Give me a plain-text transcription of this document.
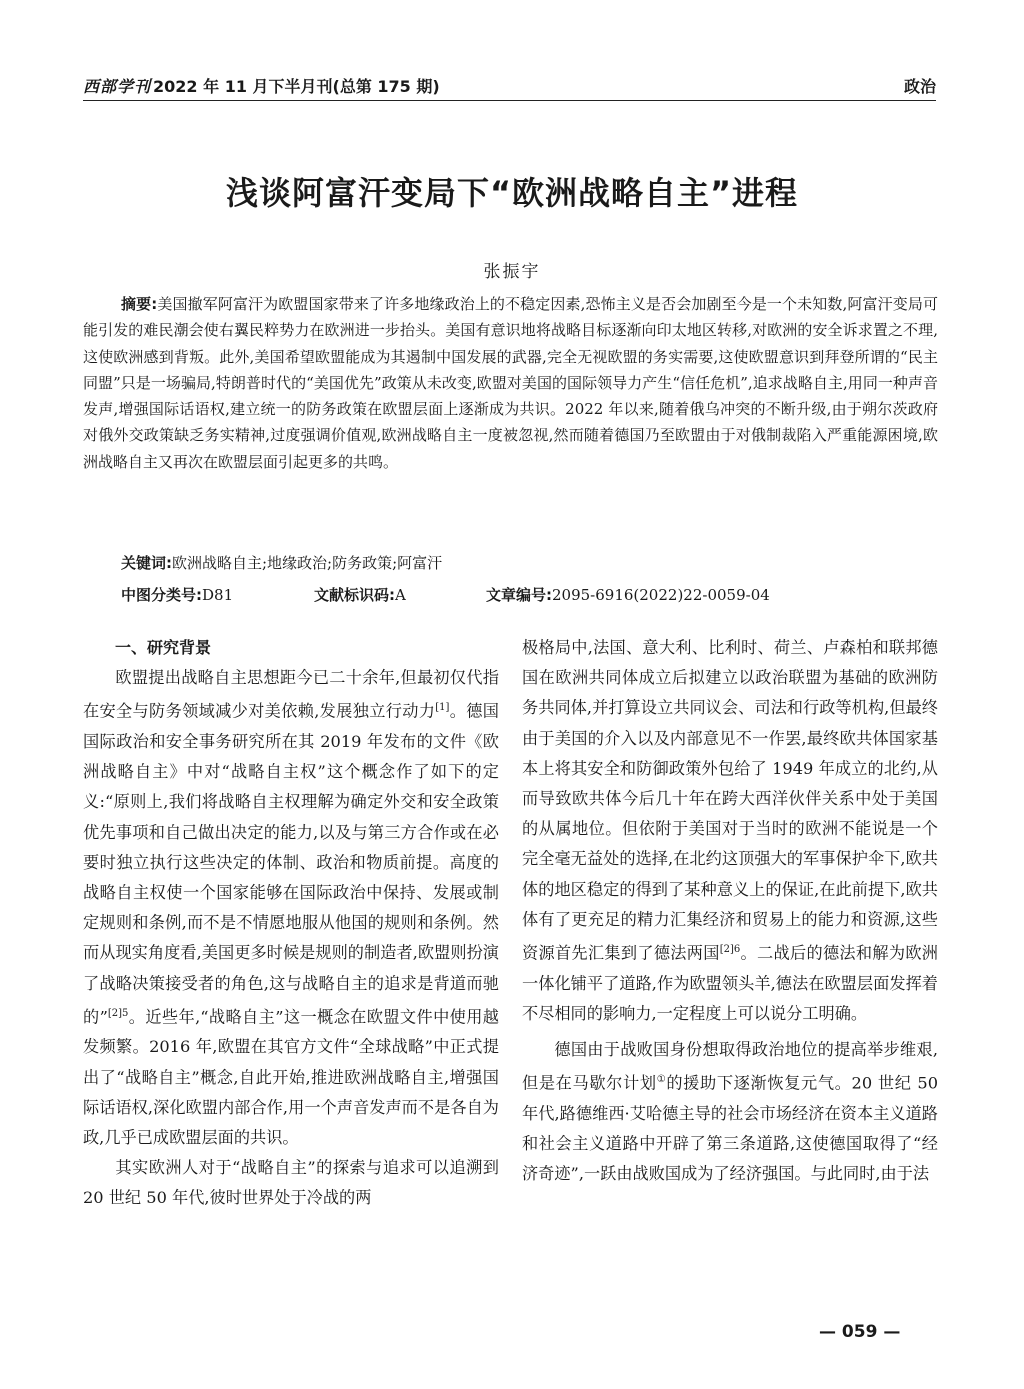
西部学刊 2022 年 11 月下半月刊(总第 175 期)	政治
浅谈阿富汗变局下“欧洲战略自主”进程
张振宇
摘要:美国撤军阿富汗为欧盟国家带来了许多地缘政治上的不稳定因素,恐怖主义是否会加剧至今是一个未知数,阿富汗变局可能引发的难民潮会使右翼民粹势力在欧洲进一步抬头。美国有意识地将战略目标逐渐向印太地区转移,对欧洲的安全诉求置之不理,这使欧洲感到背叛。此外,美国希望欧盟能成为其遏制中国发展的武器,完全无视欧盟的务实需要,这使欧盟意识到拜登所谓的“民主同盟”只是一场骗局,特朗普时代的“美国优先”政策从未改变,欧盟对美国的国际领导力产生“信任危机”,追求战略自主,用同一种声音发声,增强国际话语权,建立统一的防务政策在欧盟层面上逐渐成为共识。2022 年以来,随着俄乌冲突的不断升级,由于朔尔茨政府对俄外交政策缺乏务实精神,过度强调价值观,欧洲战略自主一度被忽视,然而随着德国乃至欧盟由于对俄制裁陷入严重能源困境,欧洲战略自主又再次在欧盟层面引起更多的共鸣。
关键词:欧洲战略自主;地缘政治;防务政策;阿富汗
中图分类号:D81	文献标识码:A	文章编号:2095-6916(2022)22-0059-04

一、研究背景

欧盟提出战略自主思想距今已二十余年,但最初仅代指在安全与防务领域减少对美依赖,发展独立行动力[1]。德国国际政治和安全事务研究所在其 2019 年发布的文件《欧洲战略自主》中对“战略自主权”这个概念作了如下的定义:“原则上,我们将战略自主权理解为确定外交和安全政策优先事项和自己做出决定的能力,以及与第三方合作或在必要时独立执行这些决定的体制、政治和物质前提。高度的战略自主权使一个国家能够在国际政治中保持、发展或制定规则和条例,而不是不情愿地服从他国的规则和条例。然而从现实角度看,美国更多时候是规则的制造者,欧盟则扮演了战略决策接受者的角色,这与战略自主的追求是背道而驰的”$^{[2]5}$。近些年,“战略自主”这一概念在欧盟文件中使用越发频繁。2016 年,欧盟在其官方文件“全球战略”中正式提出了“战略自主”概念,自此开始,推进欧洲战略自主,增强国际话语权,深化欧盟内部合作,用一个声音发声而不是各自为政,几乎已成欧盟层面的共识。

其实欧洲人对于“战略自主”的探索与追求可以追溯到 20 世纪 50 年代,彼时世界处于冷战的两

极格局中,法国、意大利、比利时、荷兰、卢森柏和联邦德国在欧洲共同体成立后拟建立以政治联盟为基础的欧洲防务共同体,并打算设立共同议会、司法和行政等机构,但最终由于美国的介入以及内部意见不一作罢,最终欧共体国家基本上将其安全和防御政策外包给了 1949 年成立的北约,从而导致欧共体今后几十年在跨大西洋伙伴关系中处于美国的从属地位。但依附于美国对于当时的欧洲不能说是一个完全毫无益处的选择,在北约这顶强大的军事保护伞下,欧共体的地区稳定的得到了某种意义上的保证,在此前提下,欧共体有了更充足的精力汇集经济和贸易上的能力和资源,这些资源首先汇集到了德法两国$^{[2]6}$。二战后的德法和解为欧洲一体化铺平了道路,作为欧盟领头羊,德法在欧盟层面发挥着不尽相同的影响力,一定程度上可以说分工明确。

德国由于战败国身份想取得政治地位的提高举步维艰,但是在马歇尔计划①的援助下逐渐恢复元气。20 世纪 50 年代,路德维西·艾哈德主导的社会市场经济在资本主义道路和社会主义道路中开辟了第三条道路,这使德国取得了“经济奇迹”,一跃由战败国成为了经济强国。与此同时,由于法

— 059 —
